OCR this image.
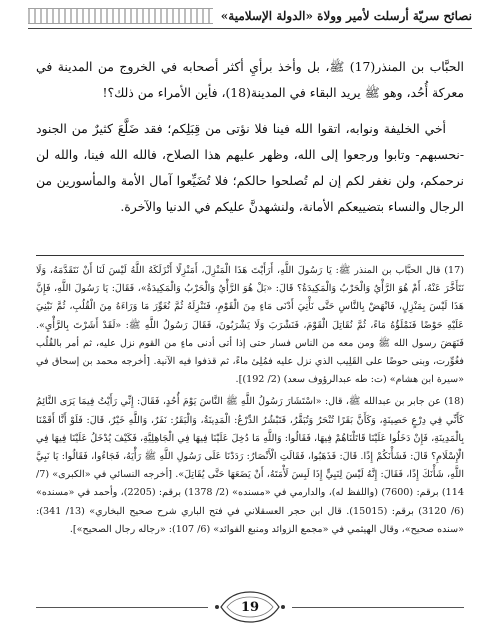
نصائح سريّة أرسلت لأمير وولاة «الدولة الإسلامية»

الحبَّاب بن المنذر(17) ﷺ، بل وأخذ برأيِ أكثر أصحابه في الخروج من المدينة في معركة أُحُد، وهو ﷺ يريد البقاء في المدينة(18)، فأين الأمراء من ذلك؟!

أخي الخليفة ونوابه، اتقوا الله فينا فلا نؤتى من قِبَلِكم؛ فقد ضَلَّعَ كثيرٌ من الجنود -نحسبهم- وتابوا ورجعوا إلى الله، وظهر عليهم هذا الصلاح، فالله الله فينا، والله لن نرحمكم، ولن نغفر لكم إن لم تُصلحوا حالكم؛ فلا تُضَيِّعوا آمال الأمة والمأسورين من الرجال والنساء بتضييعكم الأمانة، ولنشهدنَّ عليكم في الدنيا والآخرة.

(17) قال الحبَّاب بن المنذر ﷺ: يَا رَسُولَ اللَّهِ، أَرَأَيْتَ هَذَا الْمَنْزِلَ، أَمَنْزِلًا أَنْزَلَكَهُ اللَّهُ لَيْسَ لَنَا أَنْ نَتَقَدَّمَهُ، وَلَا نَتَأَخَّرَ عَنْهُ، أَمْ هُوَ الرَّأْيُ وَالْحَرْبُ وَالْمَكِيدَةُ؟ قَالَ: «بَلْ هُوَ الرَّأْيُ وَالْحَرْبُ وَالْمَكِيدَةُ»، فَقَالَ: يَا رَسُولَ اللَّهِ، فَإِنَّ هَذَا لَيْسَ بِمَنْزِلٍ، فَانْهَضْ بِالنَّاسِ حَتَّى نَأْتِيَ أَدْنَى مَاءٍ مِنَ الْقَوْمِ، فَنَنْزِلَهُ ثُمَّ نُغَوِّرَ مَا وَرَاءَهُ مِنَ الْقُلُبِ، ثُمَّ نَبْنِيَ عَلَيْهِ حَوْضًا فَنَمْلَؤُهُ مَاءً، ثُمَّ نُقَاتِلَ الْقَوْمَ، فَنَشْرَبَ وَلَا يَشْرَبُونَ، فَقَالَ رَسُولُ اللَّهِ ﷺ: «لَقَدْ أَشَرْتَ بِالرَّأْيِ». فَنَهَضَ رسول الله ﷺ ومن معه من الناس فسار حتى إذا أتى أدنى ماءٍ من القوم نزل عليه، ثم أمر بالقُلُب فغُوِّرت، وبنى حوضًا على القَلِيب الذي نزل عليه فمُلِئ ماءً، ثم قذفوا فيه الآنية. [أخرجه محمد بن إسحاق في «سيرة ابن هشام» (ت: طه عبدالرؤوف سعد) (2/ 192)].

(18) عن جابر بن عبدالله ﷺ، قال: «اسْتَشَارَ رَسُولُ اللَّهِ ﷺ النَّاسَ يَوْمَ أُحُدٍ، فَقَالَ: إِنِّي رَأَيْتُ فِيمَا يَرَى النَّائِمُ كَأَنِّي فِي دِرْعٍ حَصِينَةٍ، وَكَأَنَّ بَقَرًا تُنْحَرُ وَتُبَقَّرُ، فَتَبْشُرُ الدِّرْعُ: الْمَدِينَةُ، وَالْبَقَرُ: نَفَرٌ، وَاللَّهِ خَيْرٌ، قَالَ: فَلَوْ أَنَّا أَقَمْنَا بِالْمَدِينَةِ، فَإِنْ دَخَلُوا عَلَيْنَا قَاتَلْنَاهُمْ فِيهَا، فَقَالُوا: وَاللَّهِ مَا دُخِلَ عَلَيْنَا فِيهَا فِي الْجَاهِلِيَّةِ، فَكَيْفَ يُدْخَلُ عَلَيْنَا فِيهَا فِي الْإِسْلَامِ؟ قَالَ: فَشَأْنَكُمْ إِذًا. قَالَ: فَذَهَبُوا، فَقَالَتِ الْأَنْصَارُ: رَدَدْنَا عَلَى رَسُولِ اللَّهِ ﷺ رَأْيَهُ، فَجَاءُوا، فَقَالُوا: يَا نَبِيَّ اللَّهِ، شَأْنَكَ إِذًا، فَقَالَ: إِنَّهُ لَيْسَ لِنَبِيٍّ إِذَا لَبِسَ لَأْمَتَهُ، أَنْ يَضَعَهَا حَتَّى يُقَاتِلَ». [أخرجه النسائي في «الكبرى» (7/ 114) برقم: (7600) (واللفظ له)، والدارمي في «مسنده» (2/ 1378) برقم: (2205)، وأحمد في «مسنده» (6/ 3120) برقم: (15015). قال ابن حجر العسقلاني في فتح الباري شرح صحيح البخاري» (13/ 341): «سنده صحيح»، وقال الهيثمي في «مجمع الزوائد ومنبع الفوائد» (6/ 107): «رجاله رجال الصحيح»].

19
